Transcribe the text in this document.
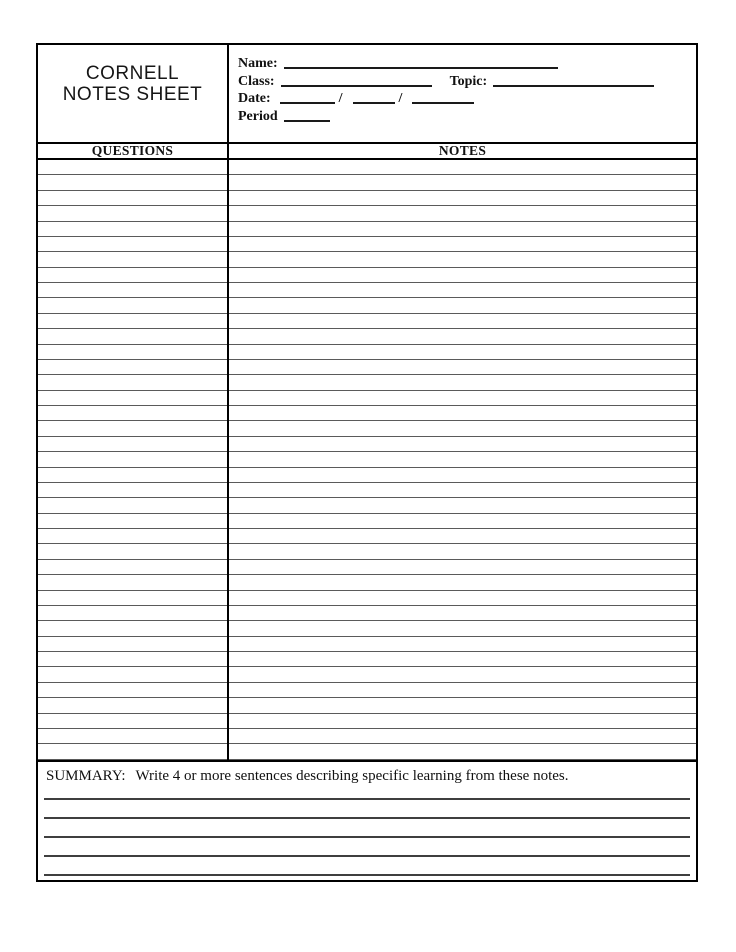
CORNELL NOTES SHEET
Name:
Class:	Topic:
Date:	/	/
Period
QUESTIONS	NOTES
SUMMARY: Write 4 or more sentences describing specific learning from these notes.
